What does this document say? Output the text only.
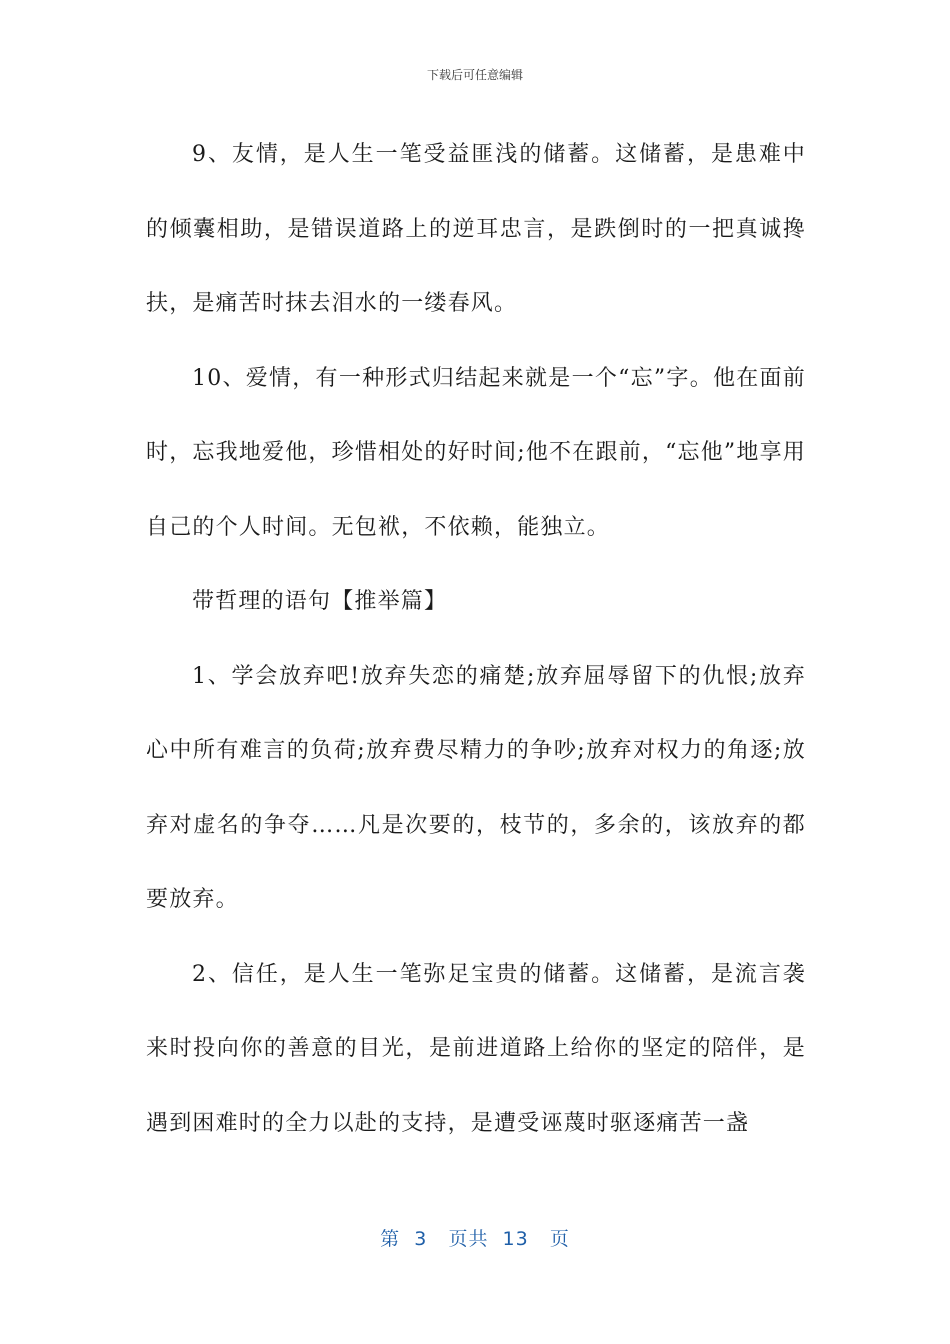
下载后可任意编辑

9、友情，是人生一笔受益匪浅的储蓄。这储蓄，是患难中的倾囊相助，是错误道路上的逆耳忠言，是跌倒时的一把真诚搀扶，是痛苦时抹去泪水的一缕春风。

10、爱情，有一种形式归结起来就是一个“忘”字。他在面前时，忘我地爱他，珍惜相处的好时间;他不在跟前，“忘他”地享用自己的个人时间。无包袱，不依赖，能独立。

带哲理的语句【推举篇】

1、学会放弃吧!放弃失恋的痛楚;放弃屈辱留下的仇恨;放弃心中所有难言的负荷;放弃费尽精力的争吵;放弃对权力的角逐;放弃对虚名的争夺……凡是次要的，枝节的，多余的，该放弃的都要放弃。

2、信任，是人生一笔弥足宝贵的储蓄。这储蓄，是流言袭来时投向你的善意的目光，是前进道路上给你的坚定的陪伴，是遇到困难时的全力以赴的支持，是遭受诬蔑时驱逐痛苦一盏

第 3 页共 13 页
